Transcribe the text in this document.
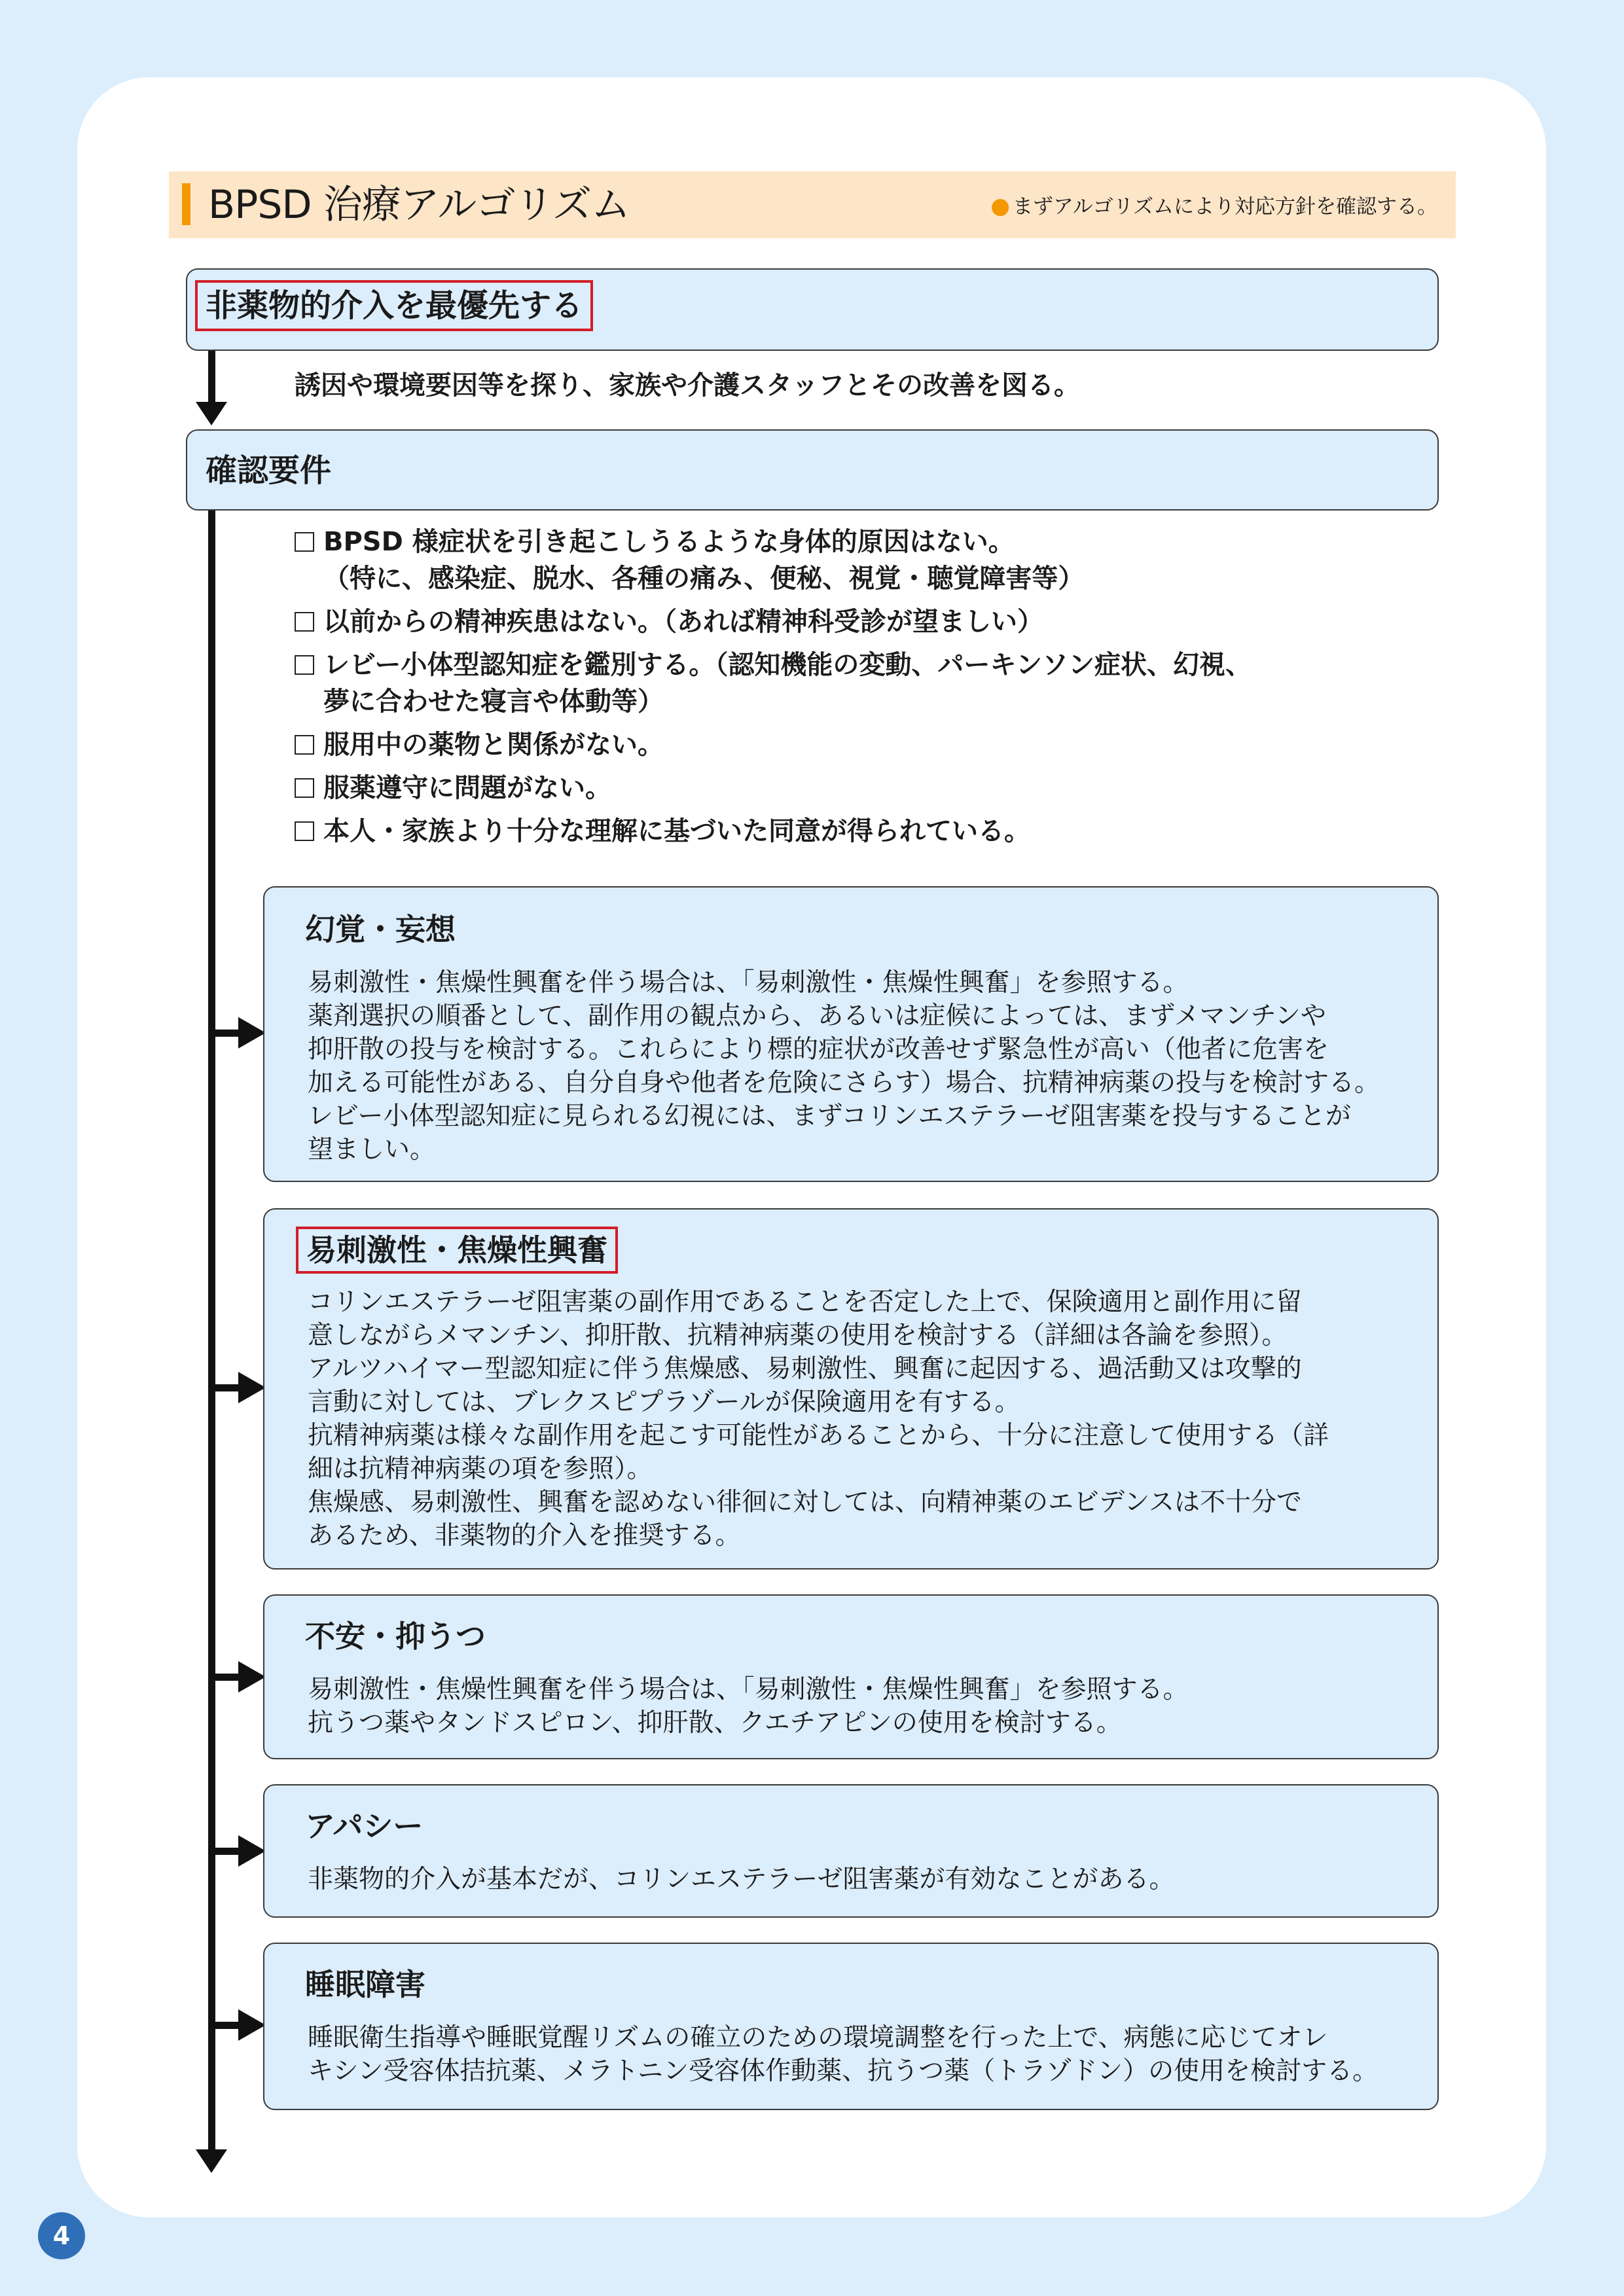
BPSD 治療アルゴリズム	● まずアルゴリズムにより対応方針を確認する。
非薬物的介入を最優先する
誘因や環境要因等を探り、家族や介護スタッフとその改善を図る。
確認要件
BPSD 様症状を引き起こしうるような身体的原因はない。
（特に、感染症、脱水、各種の痛み、便秘、視覚・聴覚障害等）
以前からの精神疾患はない。（あれば精神科受診が望ましい）
レビー小体型認知症を鑑別する。（認知機能の変動、パーキンソン症状、幻視、
夢に合わせた寝言や体動等）
服用中の薬物と関係がない。
服薬遵守に問題がない。
本人・家族より十分な理解に基づいた同意が得られている。
幻覚・妄想

易刺激性・焦燥性興奮を伴う場合は、「易刺激性・焦燥性興奮」を参照する。

薬剤選択の順番として、副作用の観点から、あるいは症候によっては、まずメマンチンや

抑肝散の投与を検討する。これらにより標的症状が改善せず緊急性が高い（他者に危害を

加える可能性がある、自分自身や他者を危険にさらす）場合、抗精神病薬の投与を検討する。

レビー小体型認知症に見られる幻視には、まずコリンエステラーゼ阻害薬を投与することが

望ましい。

易刺激性・焦燥性興奮

コリンエステラーゼ阻害薬の副作用であることを否定した上で、保険適用と副作用に留

意しながらメマンチン、抑肝散、抗精神病薬の使用を検討する（詳細は各論を参照）。

アルツハイマー型認知症に伴う焦燥感、易刺激性、興奮に起因する、過活動又は攻撃的

言動に対しては、ブレクスピプラゾールが保険適用を有する。

抗精神病薬は様々な副作用を起こす可能性があることから、十分に注意して使用する（詳

細は抗精神病薬の項を参照）。

焦燥感、易刺激性、興奮を認めない徘徊に対しては、向精神薬のエビデンスは不十分で

あるため、非薬物的介入を推奨する。

不安・抑うつ

易刺激性・焦燥性興奮を伴う場合は、「易刺激性・焦燥性興奮」を参照する。

抗うつ薬やタンドスピロン、抑肝散、クエチアピンの使用を検討する。

アパシー

非薬物的介入が基本だが、コリンエステラーゼ阻害薬が有効なことがある。

睡眠障害

睡眠衛生指導や睡眠覚醒リズムの確立のための環境調整を行った上で、病態に応じてオレ

キシン受容体拮抗薬、メラトニン受容体作動薬、抗うつ薬（トラゾドン）の使用を検討する。

4
